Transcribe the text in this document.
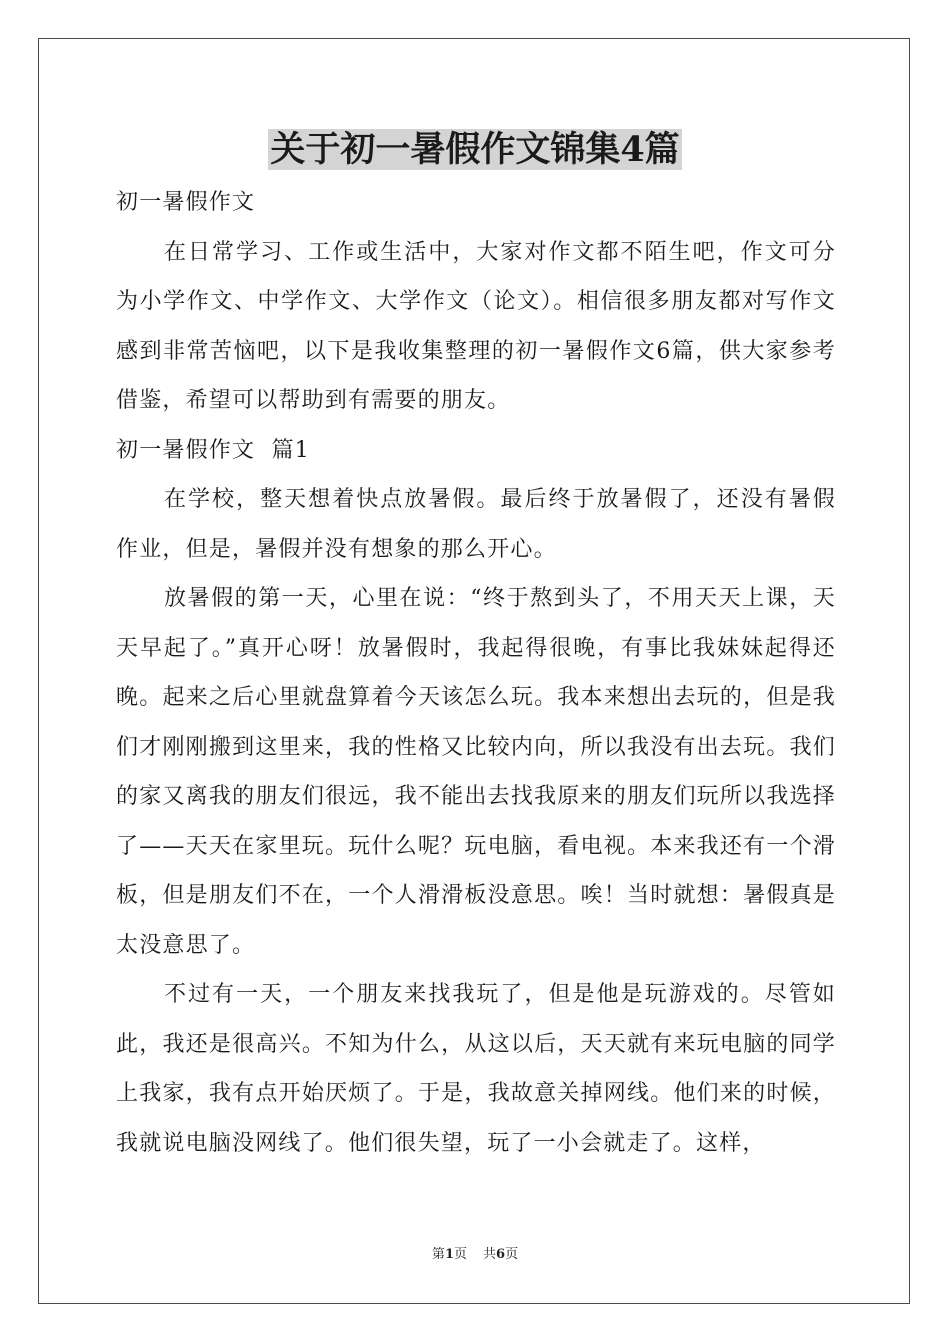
关于初一暑假作文锦集4篇

初一暑假作文

在日常学习、工作或生活中，大家对作文都不陌生吧，作文可分为小学作文、中学作文、大学作文（论文）。相信很多朋友都对写作文感到非常苦恼吧，以下是我收集整理的初一暑假作文6篇，供大家参考借鉴，希望可以帮助到有需要的朋友。

初一暑假作文  篇1

在学校，整天想着快点放暑假。最后终于放暑假了，还没有暑假作业，但是，暑假并没有想象的那么开心。

放暑假的第一天，心里在说：“终于熬到头了，不用天天上课，天天早起了。”真开心呀！放暑假时，我起得很晚，有事比我妹妹起得还晚。起来之后心里就盘算着今天该怎么玩。我本来想出去玩的，但是我们才刚刚搬到这里来，我的性格又比较内向，所以我没有出去玩。我们的家又离我的朋友们很远，我不能出去找我原来的朋友们玩所以我选择了——天天在家里玩。玩什么呢？玩电脑，看电视。本来我还有一个滑板，但是朋友们不在，一个人滑滑板没意思。唉！当时就想：暑假真是太没意思了。

不过有一天，一个朋友来找我玩了，但是他是玩游戏的。尽管如此，我还是很高兴。不知为什么，从这以后，天天就有来玩电脑的同学上我家，我有点开始厌烦了。于是，我故意关掉网线。他们来的时候，我就说电脑没网线了。他们很失望，玩了一小会就走了。这样，

第1页 共6页
